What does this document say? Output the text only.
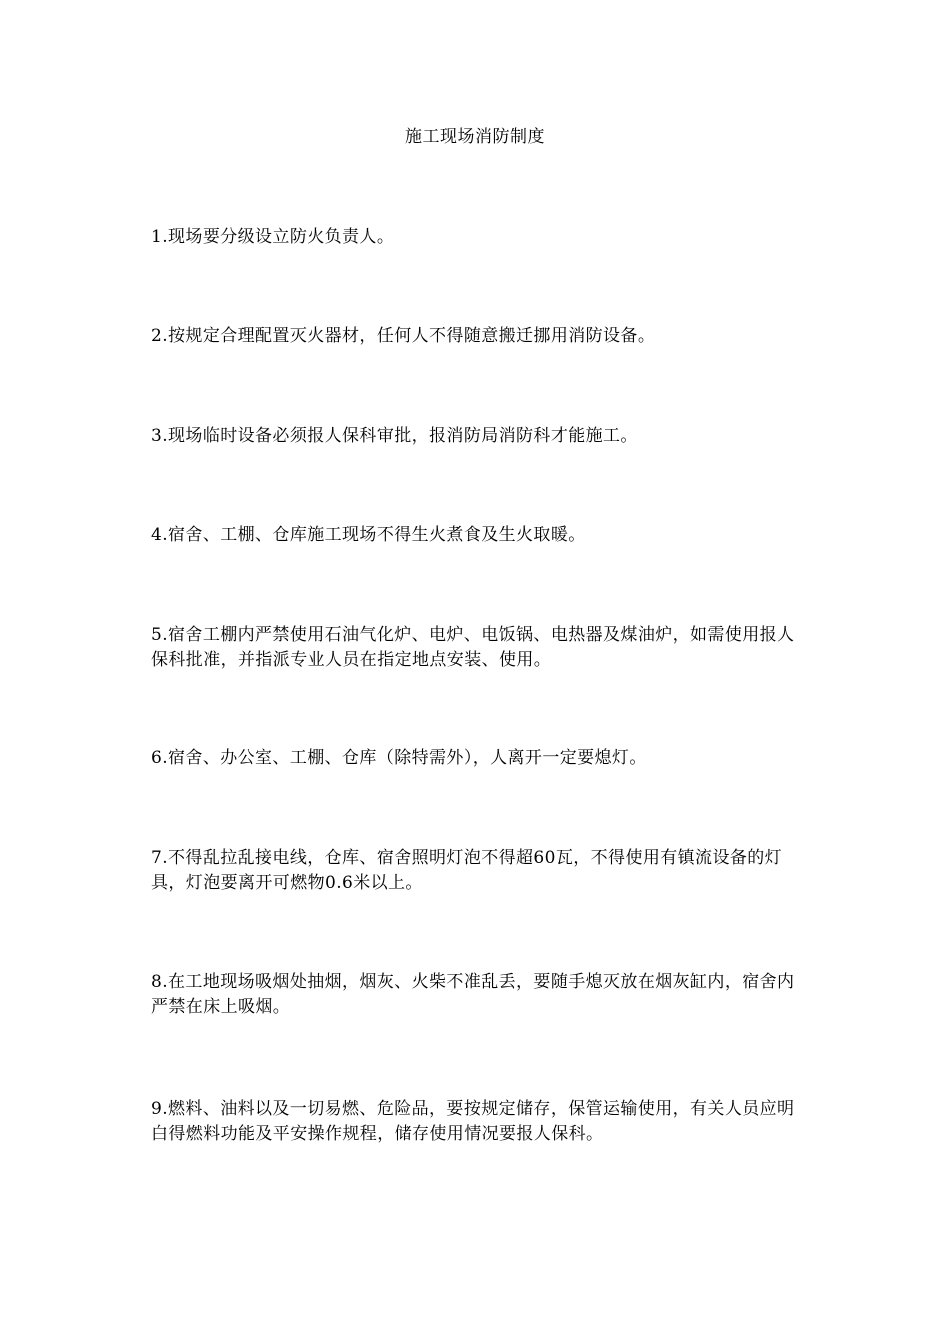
施工现场消防制度
1.现场要分级设立防火负责人。
2.按规定合理配置灭火器材，任何人不得随意搬迁挪用消防设备。
3.现场临时设备必须报人保科审批，报消防局消防科才能施工。
4.宿舍、工棚、仓库施工现场不得生火煮食及生火取暖。
5.宿舍工棚内严禁使用石油气化炉、电炉、电饭锅、电热器及煤油炉，如需使用报人保科批准，并指派专业人员在指定地点安装、使用。
6.宿舍、办公室、工棚、仓库（除特需外），人离开一定要熄灯。
7.不得乱拉乱接电线，仓库、宿舍照明灯泡不得超60瓦，不得使用有镇流设备的灯具，灯泡要离开可燃物0.6米以上。
8.在工地现场吸烟处抽烟，烟灰、火柴不准乱丢，要随手熄灭放在烟灰缸内，宿舍内严禁在床上吸烟。
9.燃料、油料以及一切易燃、危险品，要按规定储存，保管运输使用，有关人员应明白得燃料功能及平安操作规程，储存使用情况要报人保科。
